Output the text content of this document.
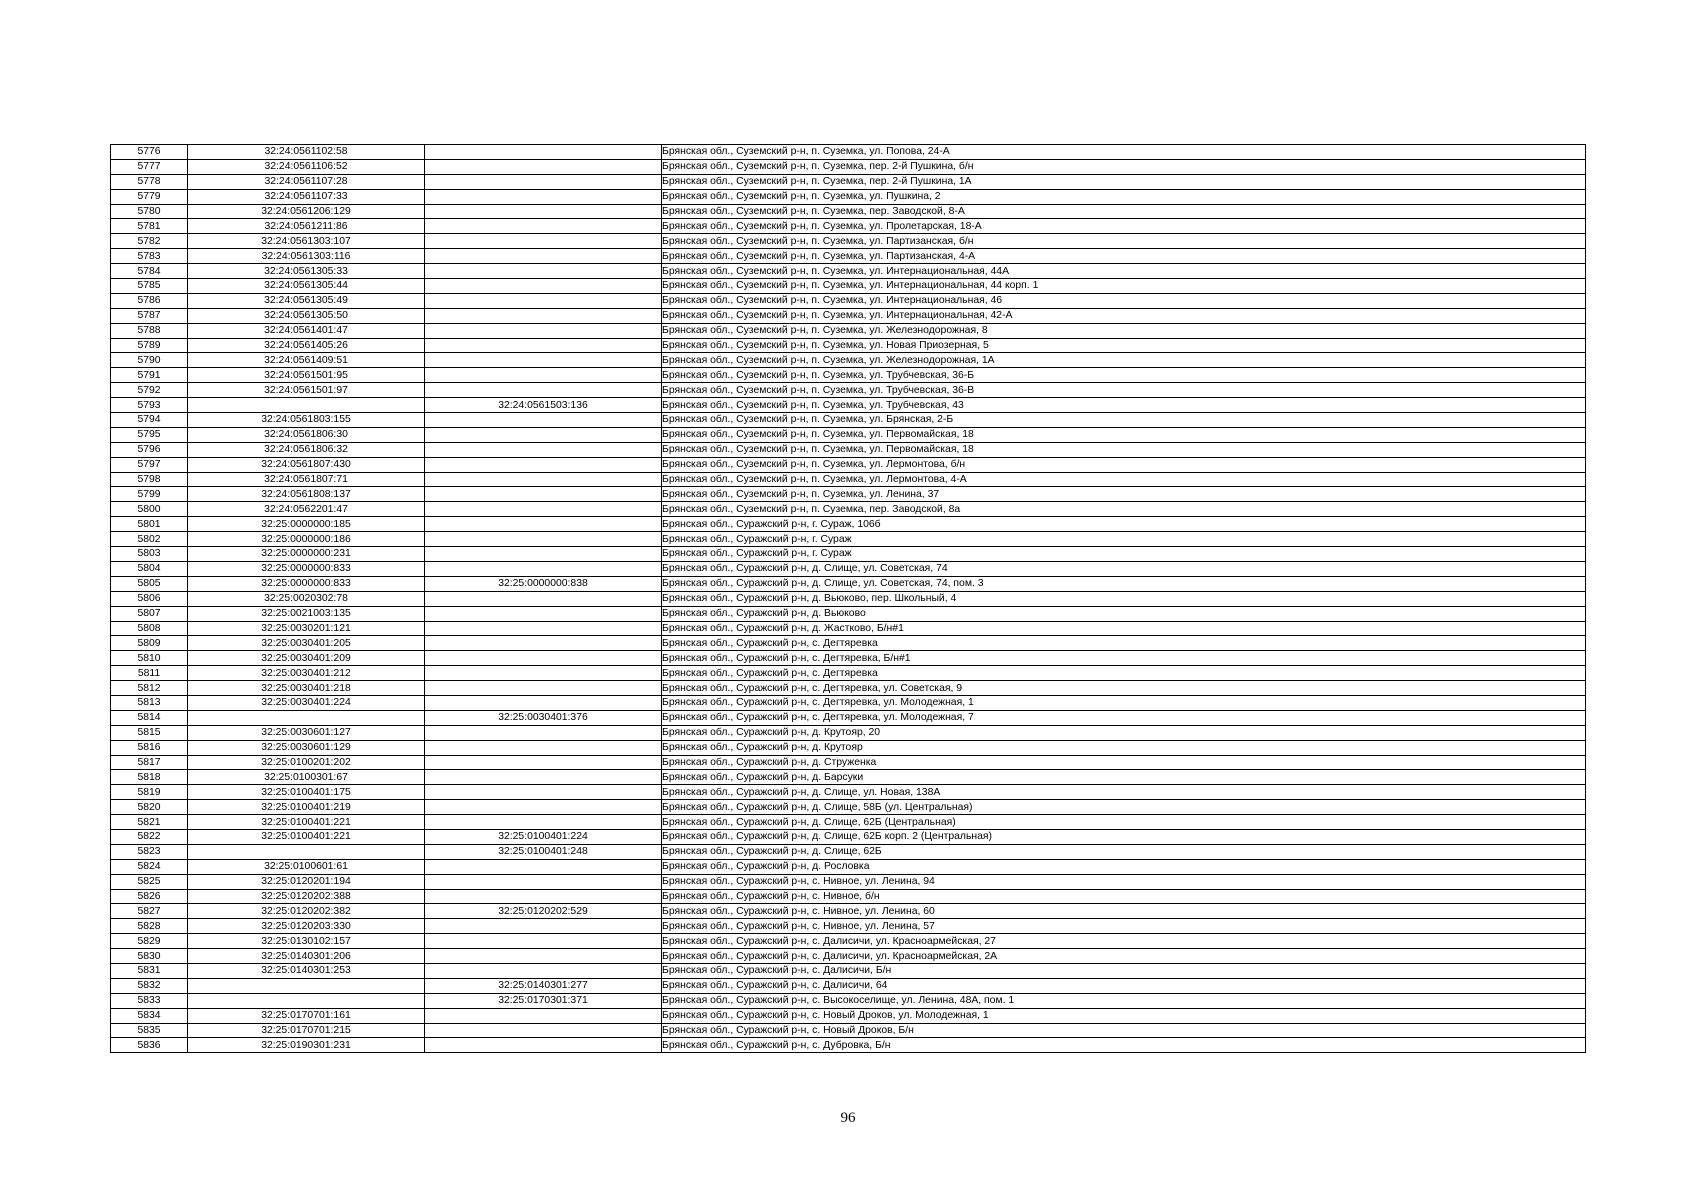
5776	32:24:0561102:58		Брянская обл., Суземский р-н, п. Суземка, ул. Попова, 24-А
5777	32:24:0561106:52		Брянская обл., Суземский р-н, п. Суземка, пер. 2-й Пушкина, б/н
5778	32:24:0561107:28		Брянская обл., Суземский р-н, п. Суземка, пер. 2-й Пушкина, 1А
5779	32:24:0561107:33		Брянская обл., Суземский р-н, п. Суземка, ул. Пушкина, 2
5780	32:24:0561206:129		Брянская обл., Суземский р-н, п. Суземка, пер. Заводской, 8-А
5781	32:24:0561211:86		Брянская обл., Суземский р-н, п. Суземка, ул. Пролетарская, 18-А
5782	32:24:0561303:107		Брянская обл., Суземский р-н, п. Суземка, ул. Партизанская, б/н
5783	32:24:0561303:116		Брянская обл., Суземский р-н, п. Суземка, ул. Партизанская, 4-А
5784	32:24:0561305:33		Брянская обл., Суземский р-н, п. Суземка, ул. Интернациональная, 44А
5785	32:24:0561305:44		Брянская обл., Суземский р-н, п. Суземка, ул. Интернациональная, 44 корп. 1
5786	32:24:0561305:49		Брянская обл., Суземский р-н, п. Суземка, ул. Интернациональная, 46
5787	32:24:0561305:50		Брянская обл., Суземский р-н, п. Суземка, ул. Интернациональная, 42-А
5788	32:24:0561401:47		Брянская обл., Суземский р-н, п. Суземка, ул. Железнодорожная, 8
5789	32:24:0561405:26		Брянская обл., Суземский р-н, п. Суземка, ул. Новая Приозерная, 5
5790	32:24:0561409:51		Брянская обл., Суземский р-н, п. Суземка, ул. Железнодорожная, 1А
5791	32:24:0561501:95		Брянская обл., Суземский р-н, п. Суземка, ул. Трубчевская, 36-Б
5792	32:24:0561501:97		Брянская обл., Суземский р-н, п. Суземка, ул. Трубчевская, 36-В
5793		32:24:0561503:136	Брянская обл., Суземский р-н, п. Суземка, ул. Трубчевская, 43
5794	32:24:0561803:155		Брянская обл., Суземский р-н, п. Суземка, ул. Брянская, 2-Б
5795	32:24:0561806:30		Брянская обл., Суземский р-н, п. Суземка, ул. Первомайская, 18
5796	32:24:0561806:32		Брянская обл., Суземский р-н, п. Суземка, ул. Первомайская, 18
5797	32:24:0561807:430		Брянская обл., Суземский р-н, п. Суземка, ул. Лермонтова, б/н
5798	32:24:0561807:71		Брянская обл., Суземский р-н, п. Суземка, ул. Лермонтова, 4-А
5799	32:24:0561808:137		Брянская обл., Суземский р-н, п. Суземка, ул. Ленина, 37
5800	32:24:0562201:47		Брянская обл., Суземский р-н, п. Суземка, пер. Заводской, 8а
5801	32:25:0000000:185		Брянская обл., Суражский р-н, г. Сураж, 106б
5802	32:25:0000000:186		Брянская обл., Суражский р-н, г. Сураж
5803	32:25:0000000:231		Брянская обл., Суражский р-н, г. Сураж
5804	32:25:0000000:833		Брянская обл., Суражский р-н, д. Слище, ул. Советская, 74
5805	32:25:0000000:833	32:25:0000000:838	Брянская обл., Суражский р-н, д. Слище, ул. Советская, 74, пом. 3
5806	32:25:0020302:78		Брянская обл., Суражский р-н, д. Вьюково, пер. Школьный, 4
5807	32:25:0021003:135		Брянская обл., Суражский р-н, д. Вьюково
5808	32:25:0030201:121		Брянская обл., Суражский р-н, д. Жастково, Б/н#1
5809	32:25:0030401:205		Брянская обл., Суражский р-н, с. Дегтяревка
5810	32:25:0030401:209		Брянская обл., Суражский р-н, с. Дегтяревка, Б/н#1
5811	32:25:0030401:212		Брянская обл., Суражский р-н, с. Дегтяревка
5812	32:25:0030401:218		Брянская обл., Суражский р-н, с. Дегтяревка, ул. Советская, 9
5813	32:25:0030401:224		Брянская обл., Суражский р-н, с. Дегтяревка, ул. Молодежная, 1
5814		32:25:0030401:376	Брянская обл., Суражский р-н, с. Дегтяревка, ул. Молодежная, 7
5815	32:25:0030601:127		Брянская обл., Суражский р-н, д. Крутояр, 20
5816	32:25:0030601:129		Брянская обл., Суражский р-н, д. Крутояр
5817	32:25:0100201:202		Брянская обл., Суражский р-н, д. Струженка
5818	32:25:0100301:67		Брянская обл., Суражский р-н, д. Барсуки
5819	32:25:0100401:175		Брянская обл., Суражский р-н, д. Слище, ул. Новая, 138А
5820	32:25:0100401:219		Брянская обл., Суражский р-н, д. Слище, 58Б (ул. Центральная)
5821	32:25:0100401:221		Брянская обл., Суражский р-н, д. Слище, 62Б (Центральная)
5822	32:25:0100401:221	32:25:0100401:224	Брянская обл., Суражский р-н, д. Слище, 62Б корп. 2 (Центральная)
5823		32:25:0100401:248	Брянская обл., Суражский р-н, д. Слище, 62Б
5824	32:25:0100601:61		Брянская обл., Суражский р-н, д. Рословка
5825	32:25:0120201:194		Брянская обл., Суражский р-н, с. Нивное, ул. Ленина, 94
5826	32:25:0120202:388		Брянская обл., Суражский р-н, с. Нивное, б/н
5827	32:25:0120202:382	32:25:0120202:529	Брянская обл., Суражский р-н, с. Нивное, ул. Ленина, 60
5828	32:25:0120203:330		Брянская обл., Суражский р-н, с. Нивное, ул. Ленина, 57
5829	32:25:0130102:157		Брянская обл., Суражский р-н, с. Далисичи, ул. Красноармейская, 27
5830	32:25:0140301:206		Брянская обл., Суражский р-н, с. Далисичи, ул. Красноармейская, 2А
5831	32:25:0140301:253		Брянская обл., Суражский р-н, с. Далисичи, Б/н
5832		32:25:0140301:277	Брянская обл., Суражский р-н, с. Далисичи, 64
5833		32:25:0170301:371	Брянская обл., Суражский р-н, с. Высокоселище, ул. Ленина, 48А, пом. 1
5834	32:25:0170701:161		Брянская обл., Суражский р-н, с. Новый Дроков, ул. Молодежная, 1
5835	32:25:0170701:215		Брянская обл., Суражский р-н, с. Новый Дроков, Б/н
5836	32:25:0190301:231		Брянская обл., Суражский р-н, с. Дубровка, Б/н
96
